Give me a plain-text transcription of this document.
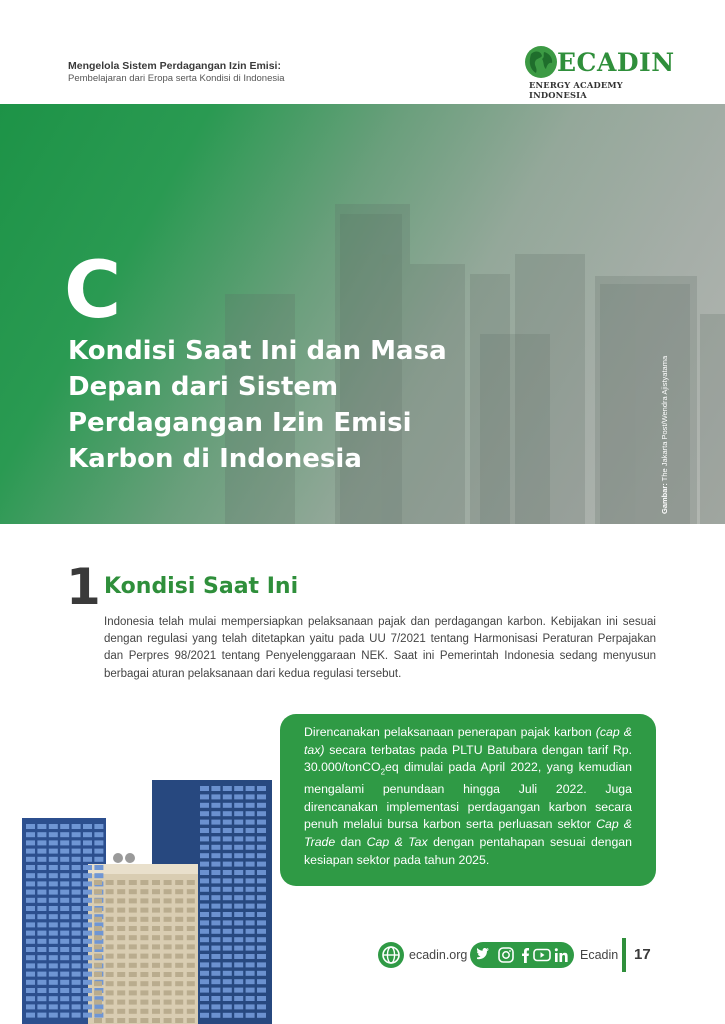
Mengelola Sistem Perdagangan Izin Emisi:
Pembelajaran dari Eropa serta Kondisi di Indonesia
ECADIN
ENERGY ACADEMY INDONESIA
C
Kondisi Saat Ini dan Masa Depan dari Sistem Perdagangan Izin Emisi Karbon di Indonesia
Gambar: The Jakarta Post/Wendra Ajistyatama
1 Kondisi Saat Ini
Indonesia telah mulai mempersiapkan pelaksanaan pajak dan perdagangan karbon. Kebijakan ini sesuai dengan regulasi yang telah ditetapkan yaitu pada UU 7/2021 tentang Harmonisasi Peraturan Perpajakan dan Perpres 98/2021 tentang Penyelenggaraan NEK. Saat ini Pemerintah Indonesia sedang menyusun berbagai aturan pelaksanaan dari kedua regulasi tersebut.

Direncanakan pelaksanaan penerapan pajak karbon (cap & tax) secara terbatas pada PLTU Batubara dengan tarif Rp. 30.000/tonCO$_2$eq dimulai pada April 2022, yang kemudian mengalami penundaan hingga Juli 2022. Juga direncanakan implementasi perdagangan karbon secara penuh melalui bursa karbon serta perluasan sektor Cap & Trade dan Cap & Tax dengan pentahapan sesuai dengan kesiapan sektor pada tahun 2025.

ecadin.org	Ecadin 17
